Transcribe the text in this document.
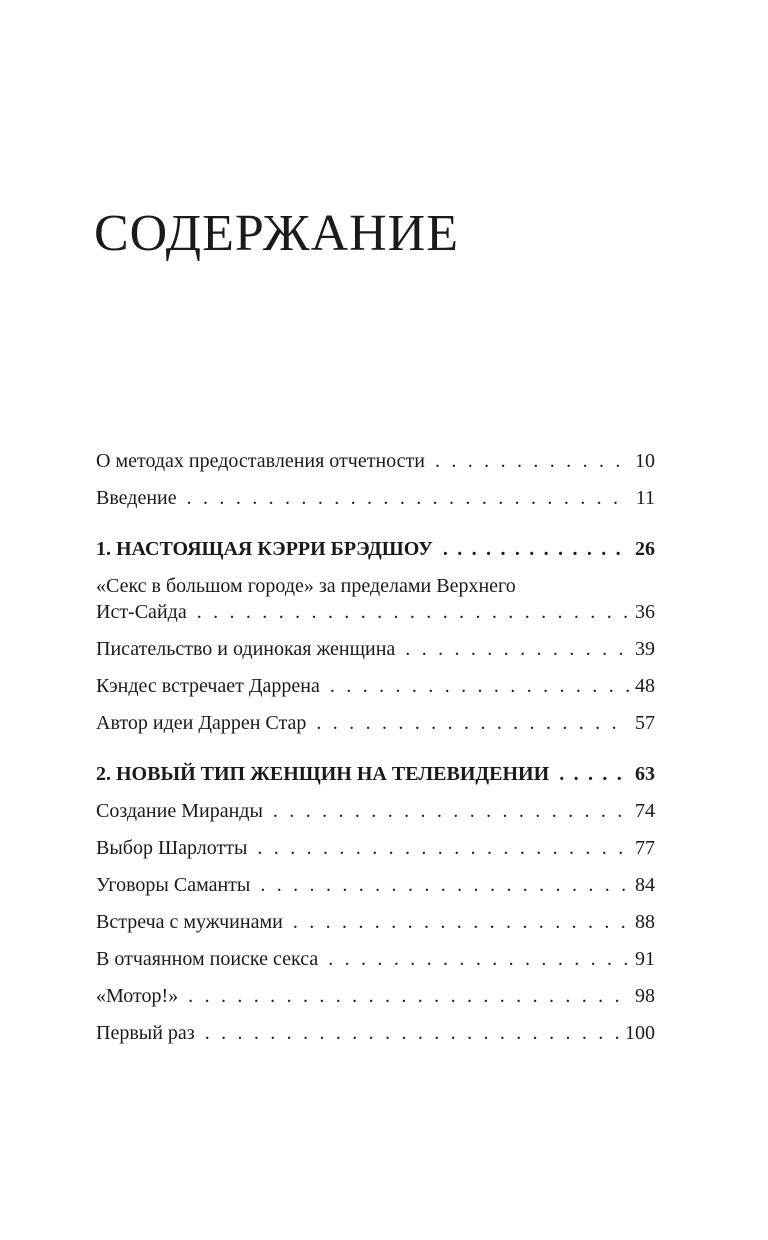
СОДЕРЖАНИЕ
О методах предоставления отчетности . . .	10
Введение . . .	11
1. НАСТОЯЩАЯ КЭРРИ БРЭДШОУ . . .	26
«Секс в большом городе» за пределами Верхнего
Ист-Сайда . . .	36
Писательство и одинокая женщина . . .	39
Кэндес встречает Даррена . . .	48
Автор идеи Даррен Стар . . .	57
2. НОВЫЙ ТИП ЖЕНЩИН НА ТЕЛЕВИДЕНИИ . . .	63
Создание Миранды . . .	74
Выбор Шарлотты . . .	77
Уговоры Саманты . . .	84
Встреча с мужчинами . . .	88
В отчаянном поиске секса . . .	91
«Мотор!» . . .	98
Первый раз . . .	100
